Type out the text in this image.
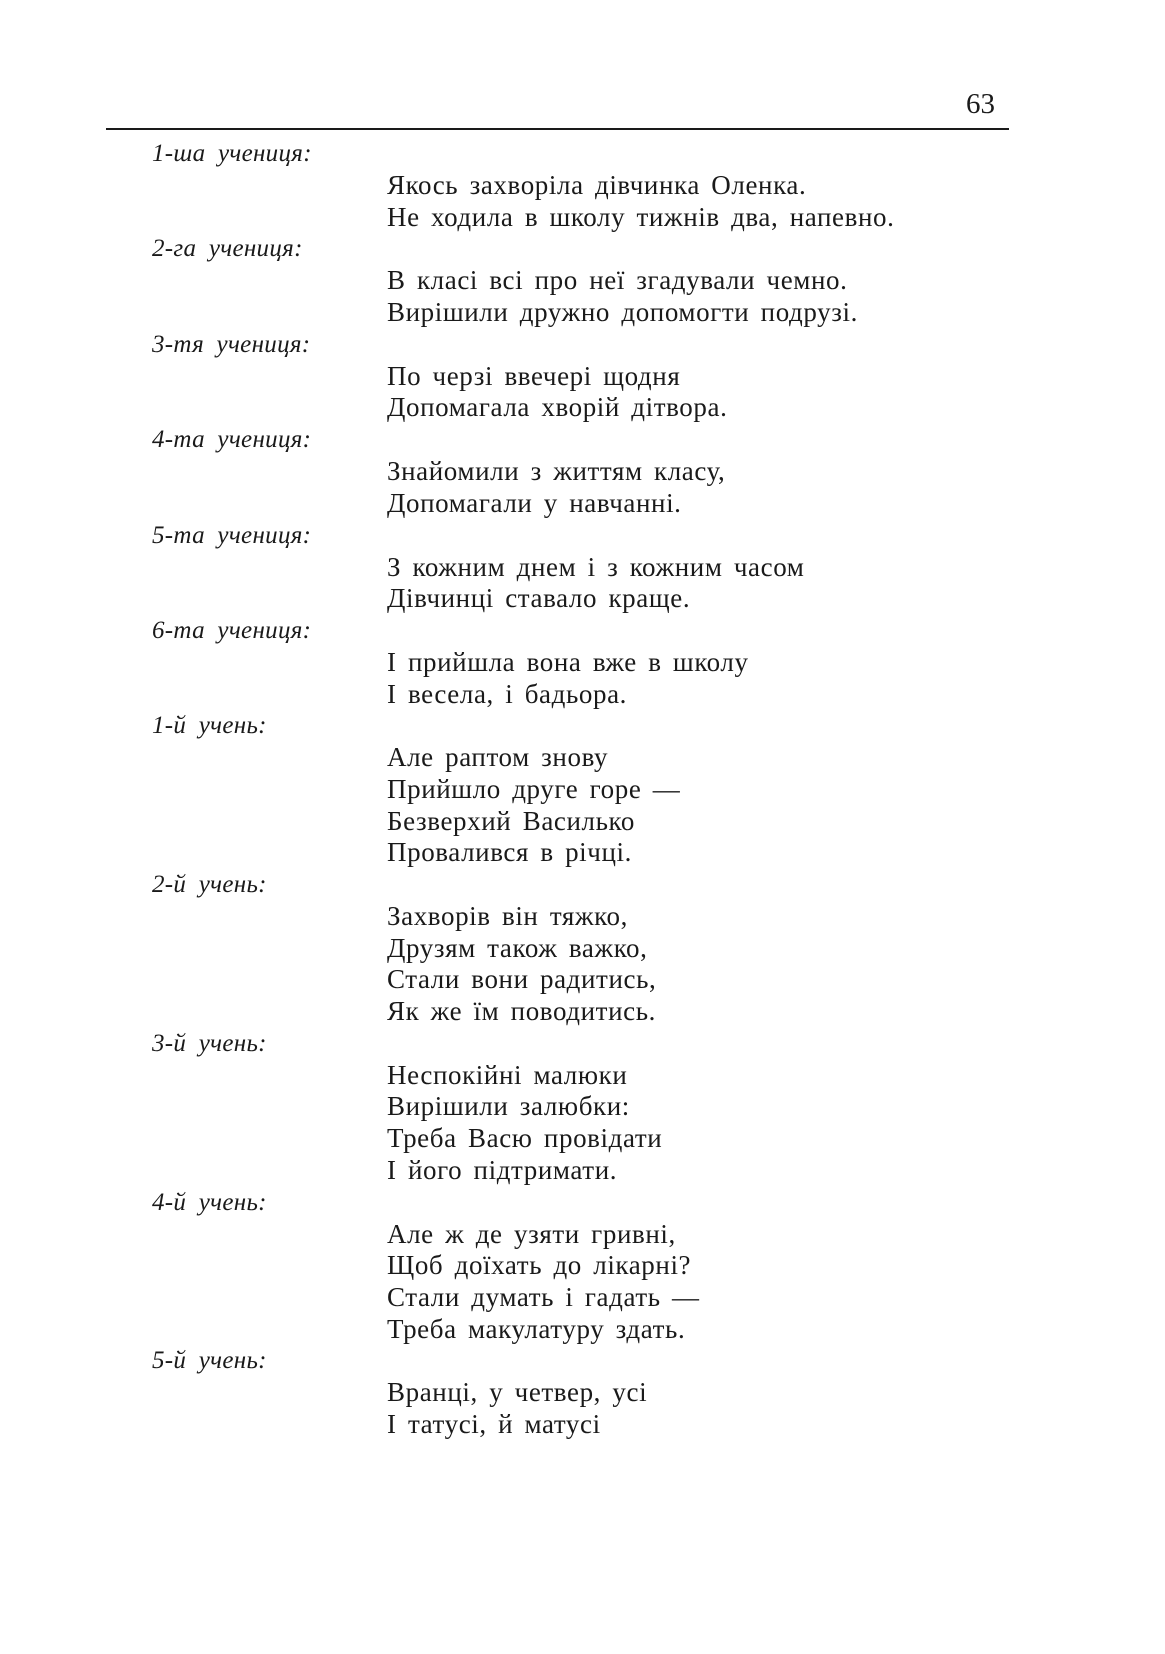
63
1-ша учениця:
Якось захворіла дівчинка Оленка.
Не ходила в школу тижнів два, напевно.
2-га учениця:
В класі всі про неї згадували чемно.
Вирішили дружно допомогти подрузі.
3-тя учениця:
По черзі ввечері щодня
Допомагала хворій дітвора.
4-та учениця:
Знайомили з життям класу,
Допомагали у навчанні.
5-та учениця:
З кожним днем і з кожним часом
Дівчинці ставало краще.
6-та учениця:
І прийшла вона вже в школу
І весела, і бадьора.
1-й учень:
Але раптом знову
Прийшло друге горе —
Безверхий Василько
Провалився в річці.
2-й учень:
Захворів він тяжко,
Друзям також важко,
Стали вони радитись,
Як же їм поводитись.
3-й учень:
Неспокійні малюки
Вирішили залюбки:
Треба Васю провідати
І його підтримати.
4-й учень:
Але ж де узяти гривні,
Щоб доїхать до лікарні?
Стали думать і гадать —
Треба макулатуру здать.
5-й учень:
Вранці, у четвер, усі
І татусі, й матусі
